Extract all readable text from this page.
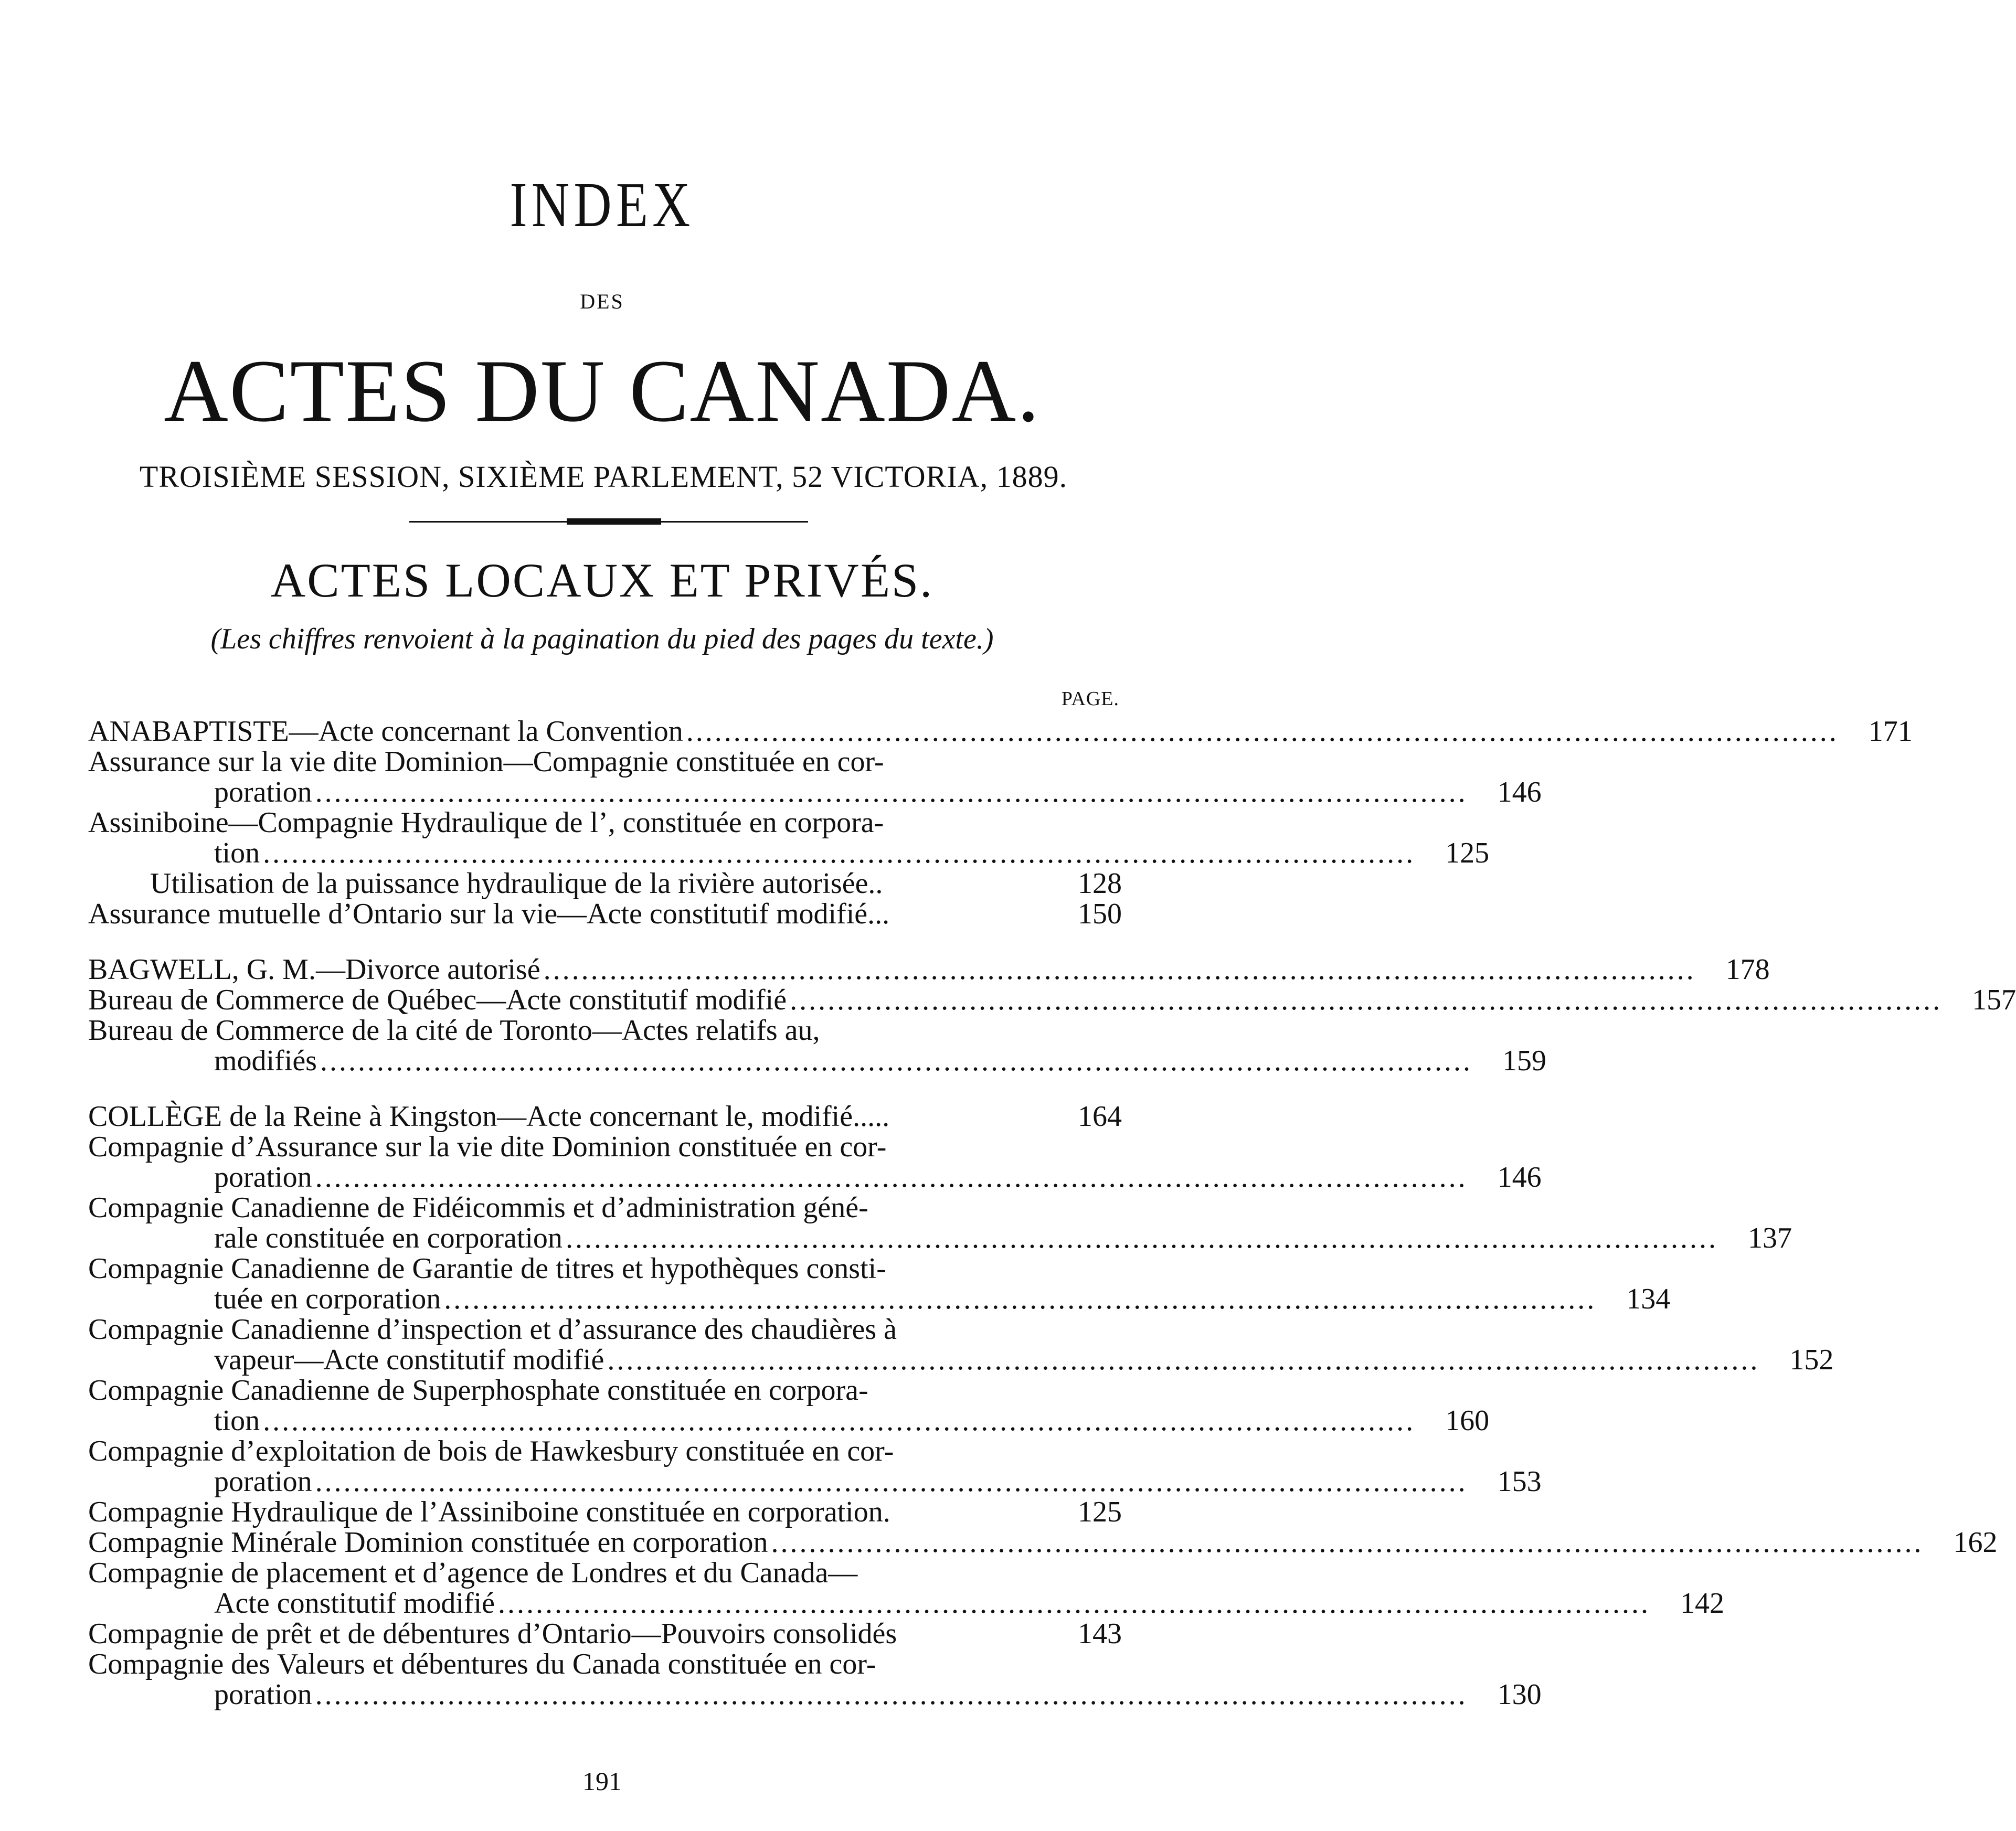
INDEX
DES
ACTES DU CANADA.
TROISIÈME SESSION, SIXIÈME PARLEMENT, 52 VICTORIA, 1889.
ACTES LOCAUX ET PRIVÉS.
(Les chiffres renvoient à la pagination du pied des pages du texte.)
PAGE.
ANABAPTISTE—Acte concernant la Convention ..........................................................................................................................	171
Assurance sur la vie dite Dominion—Compagnie constituée en cor-
poration ..........................................................................................................................	146
Assiniboine—Compagnie Hydraulique de l’, constituée en corpora-
tion ..........................................................................................................................	125
Utilisation de la puissance hydraulique de la rivière autorisée..	128
Assurance mutuelle d’Ontario sur la vie—Acte constitutif modifié...	150
BAGWELL, G. M.—Divorce autorisé ..........................................................................................................................	178
Bureau de Commerce de Québec—Acte constitutif modifié ..........................................................................................................................	157
Bureau de Commerce de la cité de Toronto—Actes relatifs au,
modifiés ..........................................................................................................................	159
COLLÈGE de la Reine à Kingston—Acte concernant le, modifié.....	164
Compagnie d’Assurance sur la vie dite Dominion constituée en cor-
poration ..........................................................................................................................	146
Compagnie Canadienne de Fidéicommis et d’administration géné-
rale constituée en corporation ..........................................................................................................................	137
Compagnie Canadienne de Garantie de titres et hypothèques consti-
tuée en corporation ..........................................................................................................................	134
Compagnie Canadienne d’inspection et d’assurance des chaudières à
vapeur—Acte constitutif modifié ..........................................................................................................................	152
Compagnie Canadienne de Superphosphate constituée en corpora-
tion ..........................................................................................................................	160
Compagnie d’exploitation de bois de Hawkesbury constituée en cor-
poration ..........................................................................................................................	153
Compagnie Hydraulique de l’Assiniboine constituée en corporation.	125
Compagnie Minérale Dominion constituée en corporation ..........................................................................................................................	162
Compagnie de placement et d’agence de Londres et du Canada—
Acte constitutif modifié ..........................................................................................................................	142
Compagnie de prêt et de débentures d’Ontario—Pouvoirs consolidés	143
Compagnie des Valeurs et débentures du Canada constituée en cor-
poration ..........................................................................................................................	130
191
